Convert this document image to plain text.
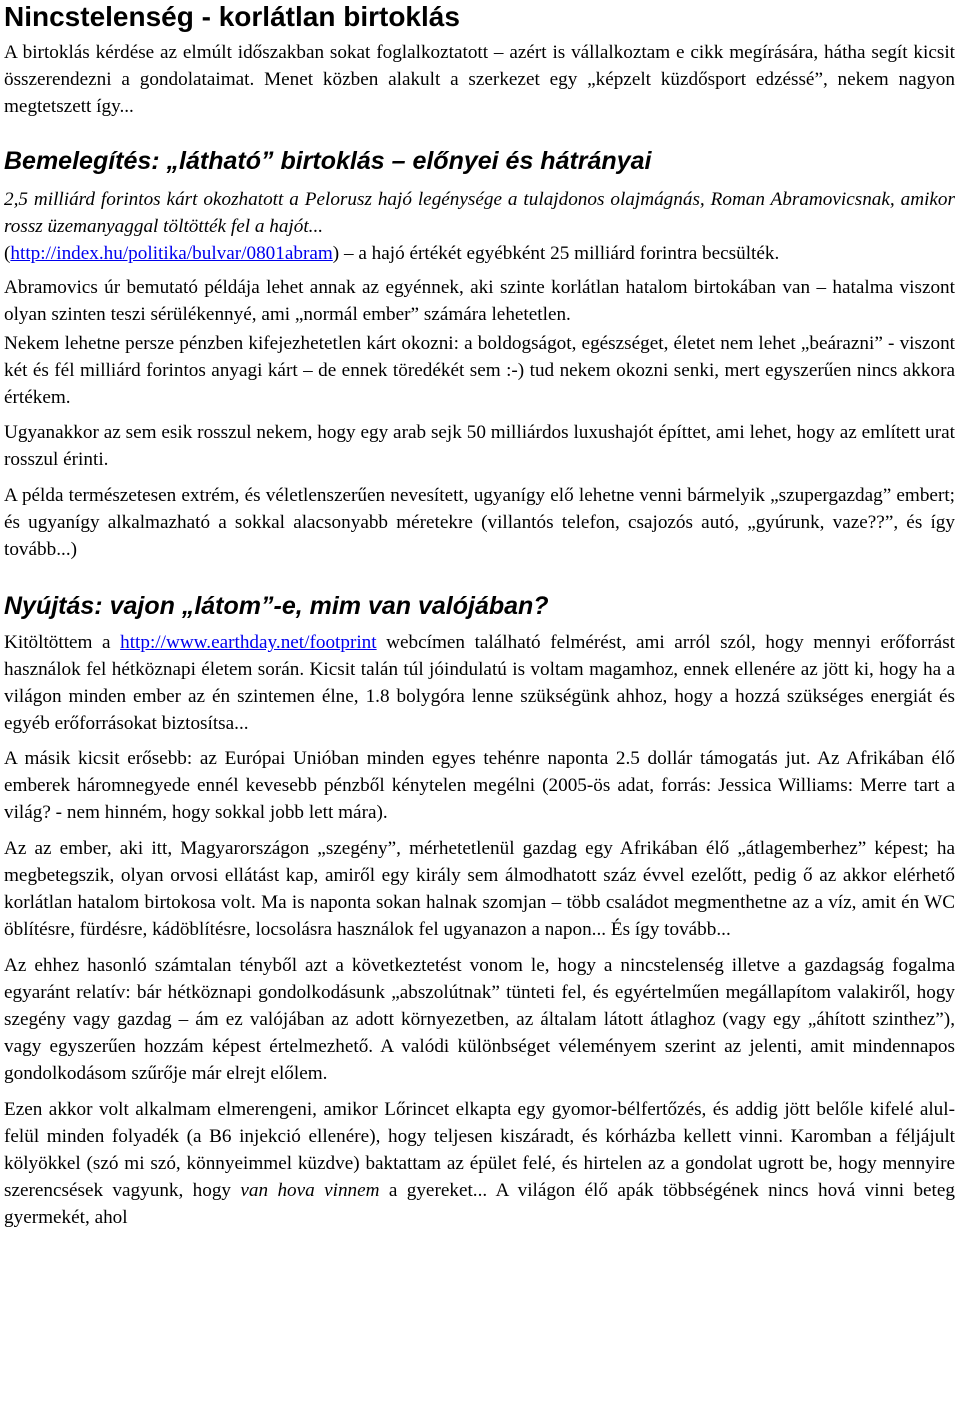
Nincstelenség - korlátlan birtoklás

A birtoklás kérdése az elmúlt időszakban sokat foglalkoztatott – azért is vállalkoztam e cikk megírására, hátha segít kicsit összerendezni a gondolataimat. Menet közben alakult a szerkezet egy „képzelt küzdősport edzéssé”, nekem nagyon megtetszett így...

Bemelegítés: „látható” birtoklás – előnyei és hátrányai

2,5 milliárd forintos kárt okozhatott a Pelorusz hajó legénysége a tulajdonos olajmágnás, Roman Abramovicsnak, amikor rossz üzemanyaggal töltötték fel a hajót...

(http://index.hu/politika/bulvar/0801abram) – a hajó értékét egyébként 25 milliárd forintra becsülték.

Abramovics úr bemutató példája lehet annak az egyénnek, aki szinte korlátlan hatalom birtokában van – hatalma viszont olyan szinten teszi sérülékennyé, ami „normál ember” számára lehetetlen.

Nekem lehetne persze pénzben kifejezhetetlen kárt okozni: a boldogságot, egészséget, életet nem lehet „beárazni” - viszont két és fél milliárd forintos anyagi kárt – de ennek töredékét sem :-) tud nekem okozni senki, mert egyszerűen nincs akkora értékem.

Ugyanakkor az sem esik rosszul nekem, hogy egy arab sejk 50 milliárdos luxushajót építtet, ami lehet, hogy az említett urat rosszul érinti.

A példa természetesen extrém, és véletlenszerűen nevesített, ugyanígy elő lehetne venni bármelyik „szupergazdag” embert; és ugyanígy alkalmazható a sokkal alacsonyabb méretekre (villantós telefon, csajozós autó, „gyúrunk, vaze??”, és így tovább...)

Nyújtás: vajon „látom”-e, mim van valójában?

Kitöltöttem a http://www.earthday.net/footprint webcímen található felmérést, ami arról szól, hogy mennyi erőforrást használok fel hétköznapi életem során. Kicsit talán túl jóindulatú is voltam magamhoz, ennek ellenére az jött ki, hogy ha a világon minden ember az én szintemen élne, 1.8 bolygóra lenne szükségünk ahhoz, hogy a hozzá szükséges energiát és egyéb erőforrásokat biztosítsa...

A másik kicsit erősebb: az Európai Unióban minden egyes tehénre naponta 2.5 dollár támogatás jut. Az Afrikában élő emberek háromnegyede ennél kevesebb pénzből kénytelen megélni (2005-ös adat, forrás: Jessica Williams: Merre tart a világ? - nem hinném, hogy sokkal jobb lett mára).

Az az ember, aki itt, Magyarországon „szegény”, mérhetetlenül gazdag egy Afrikában élő „átlagemberhez” képest; ha megbetegszik, olyan orvosi ellátást kap, amiről egy király sem álmodhatott száz évvel ezelőtt, pedig ő az akkor elérhető korlátlan hatalom birtokosa volt. Ma is naponta sokan halnak szomjan – több családot megmenthetne az a víz, amit én WC öblítésre, fürdésre, kádöblítésre, locsolásra használok fel ugyanazon a napon... És így tovább...

Az ehhez hasonló számtalan tényből azt a következtetést vonom le, hogy a nincstelenség illetve a gazdagság fogalma egyaránt relatív: bár hétköznapi gondolkodásunk „abszolútnak” tünteti fel, és egyértelműen megállapítom valakiről, hogy szegény vagy gazdag – ám ez valójában az adott környezetben, az általam látott átlaghoz (vagy egy „áhított szinthez”), vagy egyszerűen hozzám képest értelmezhető. A valódi különbséget véleményem szerint az jelenti, amit mindennapos gondolkodásom szűrője már elrejt előlem.

Ezen akkor volt alkalmam elmerengeni, amikor Lőrincet elkapta egy gyomor-bélfertőzés, és addig jött belőle kifelé alul-felül minden folyadék (a B6 injekció ellenére), hogy teljesen kiszáradt, és kórházba kellett vinni. Karomban a féljájult kölyökkel (szó mi szó, könnyeimmel küzdve) baktattam az épület felé, és hirtelen az a gondolat ugrott be, hogy mennyire szerencsések vagyunk, hogy van hova vinnem a gyereket... A világon élő apák többségének nincs hová vinni beteg gyermekét, ahol
